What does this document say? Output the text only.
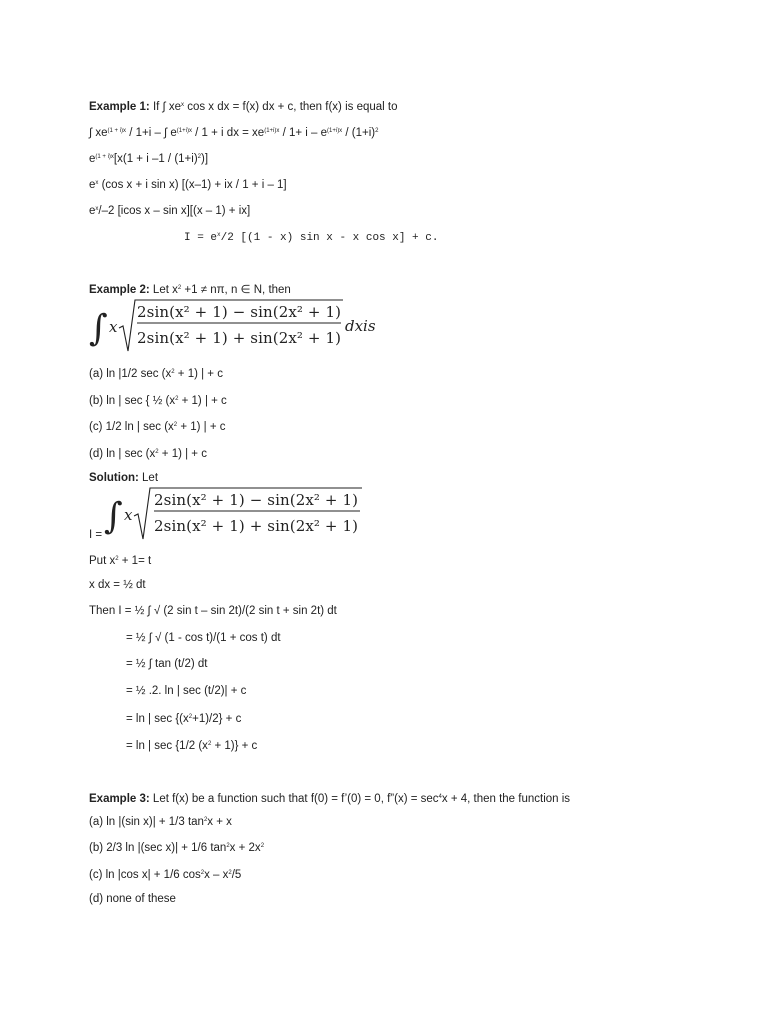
Example 1: If ∫ $xe^x$ cos x dx = f(x) dx + c, then f(x) is equal to
∫ $xe^{(1 + i)x} / 1+i$ – ∫ $e^{(1+i)x} / 1 + i$ dx = $xe^{(1+i)x} / 1+ i - e^{(1+i)x} / (1+i)^2$
$e^{(1 + i)x}[x(1 + i$ $-1 / (1+i)^2$)]
$e^x$ (cos x + i sin x) [(x–1) + ix / 1 + i – 1]
$e^x/-2$ [icos x – sin x][(x – 1) + ix]
$I = e^x/2$ [(1 - x) sin x - x cos x] + c.
Example 2: Let $x^2 +1 \ne n\pi$, n ∈ N, then
∫ x
2sin(x² + 1) − sin(2x² + 1)
2sin(x² + 1) + sin(2x² + 1)
dxis
(a) ln |1/2 $\sec (x^2 + 1)$ | + c
(b) ln | sec { ½ $(x^2 + 1)$ | + c
(c) 1/2 ln | $\sec (x^2 + 1)$ | + c
(d) ln | $\sec (x^2 + 1)$ | + c
Solution: Let
I = ∫ x
2sin(x² + 1) − sin(2x² + 1)
2sin(x² + 1) + sin(2x² + 1)
Put $x^2 + 1= t$
x dx = ½ dt
Then I = ½ ∫ √ (2 sin t – sin 2t)/(2 sin t + sin 2t) dt
= ½ ∫ √ (1 - cos t)/(1 + cos t) dt
= ½ ∫ tan (t/2) dt
= ½ .2. ln | sec (t/2)| + c
= ln | $\sec \{(x^2+1)/2\} + c$
= ln | sec {1/2 $(x^2 + 1)\} + c$
Example 3: Let f(x) be a function such that f(0) = f’(0) = 0, f”(x) = $\sec^4x + 4$, then the function is
(a) ln |(sin x)| + 1/3 $\tan^2x + x$
(b) 2/3 ln |(sec x)| + 1/6 $\tan^2x + 2x^2$
(c) ln |cos x| + 1/6 $\cos^2x - x^2/5$
(d) none of these
